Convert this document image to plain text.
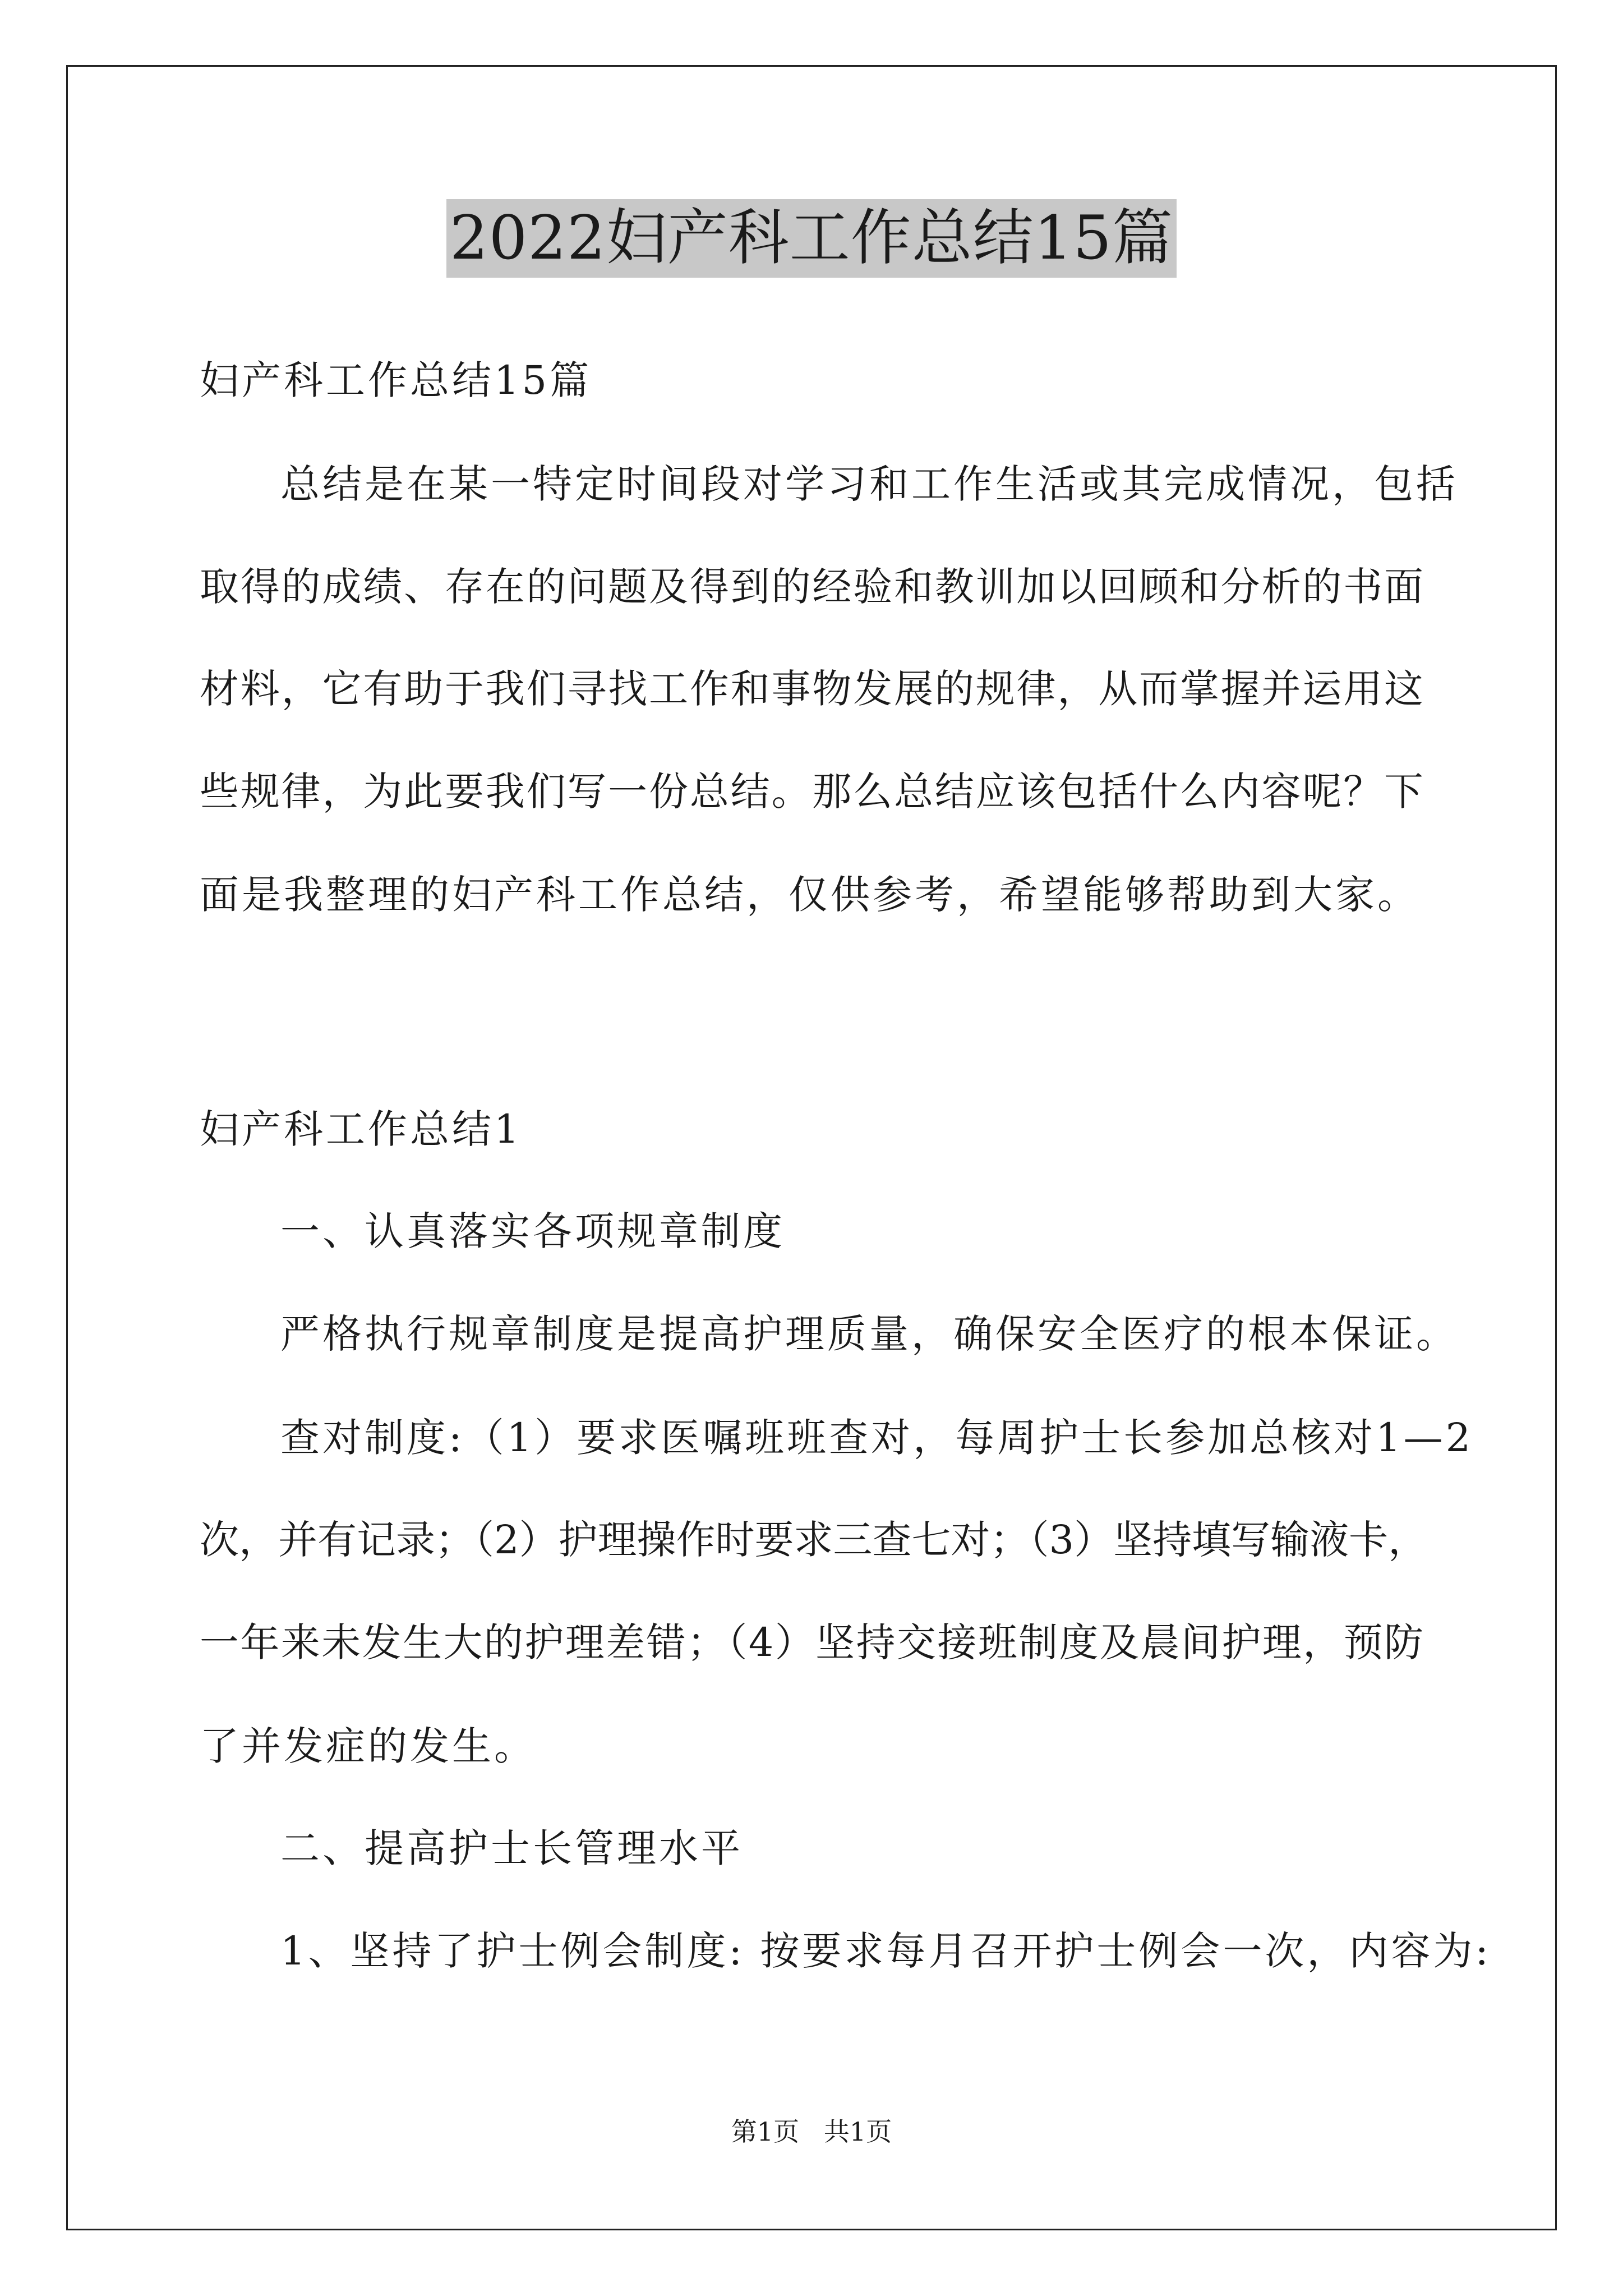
2022妇产科工作总结15篇
妇产科工作总结15篇
总结是在某一特定时间段对学习和工作生活或其完成情况，包括
取得的成绩、存在的问题及得到的经验和教训加以回顾和分析的书面
材料，它有助于我们寻找工作和事物发展的规律，从而掌握并运用这
些规律，为此要我们写一份总结。那么总结应该包括什么内容呢？下
面是我整理的妇产科工作总结，仅供参考，希望能够帮助到大家。
妇产科工作总结1
一、认真落实各项规章制度
严格执行规章制度是提高护理质量，确保安全医疗的根本保证。
查对制度:（1）要求医嘱班班查对，每周护士长参加总核对1—2
次，并有记录；（2）护理操作时要求三查七对；（3）坚持填写输液卡，
一年来未发生大的护理差错；（4）坚持交接班制度及晨间护理，预防
了并发症的发生。
二、提高护士长管理水平
1、坚持了护士例会制度: 按要求每月召开护士例会一次，内容为:
第1页   共1页
